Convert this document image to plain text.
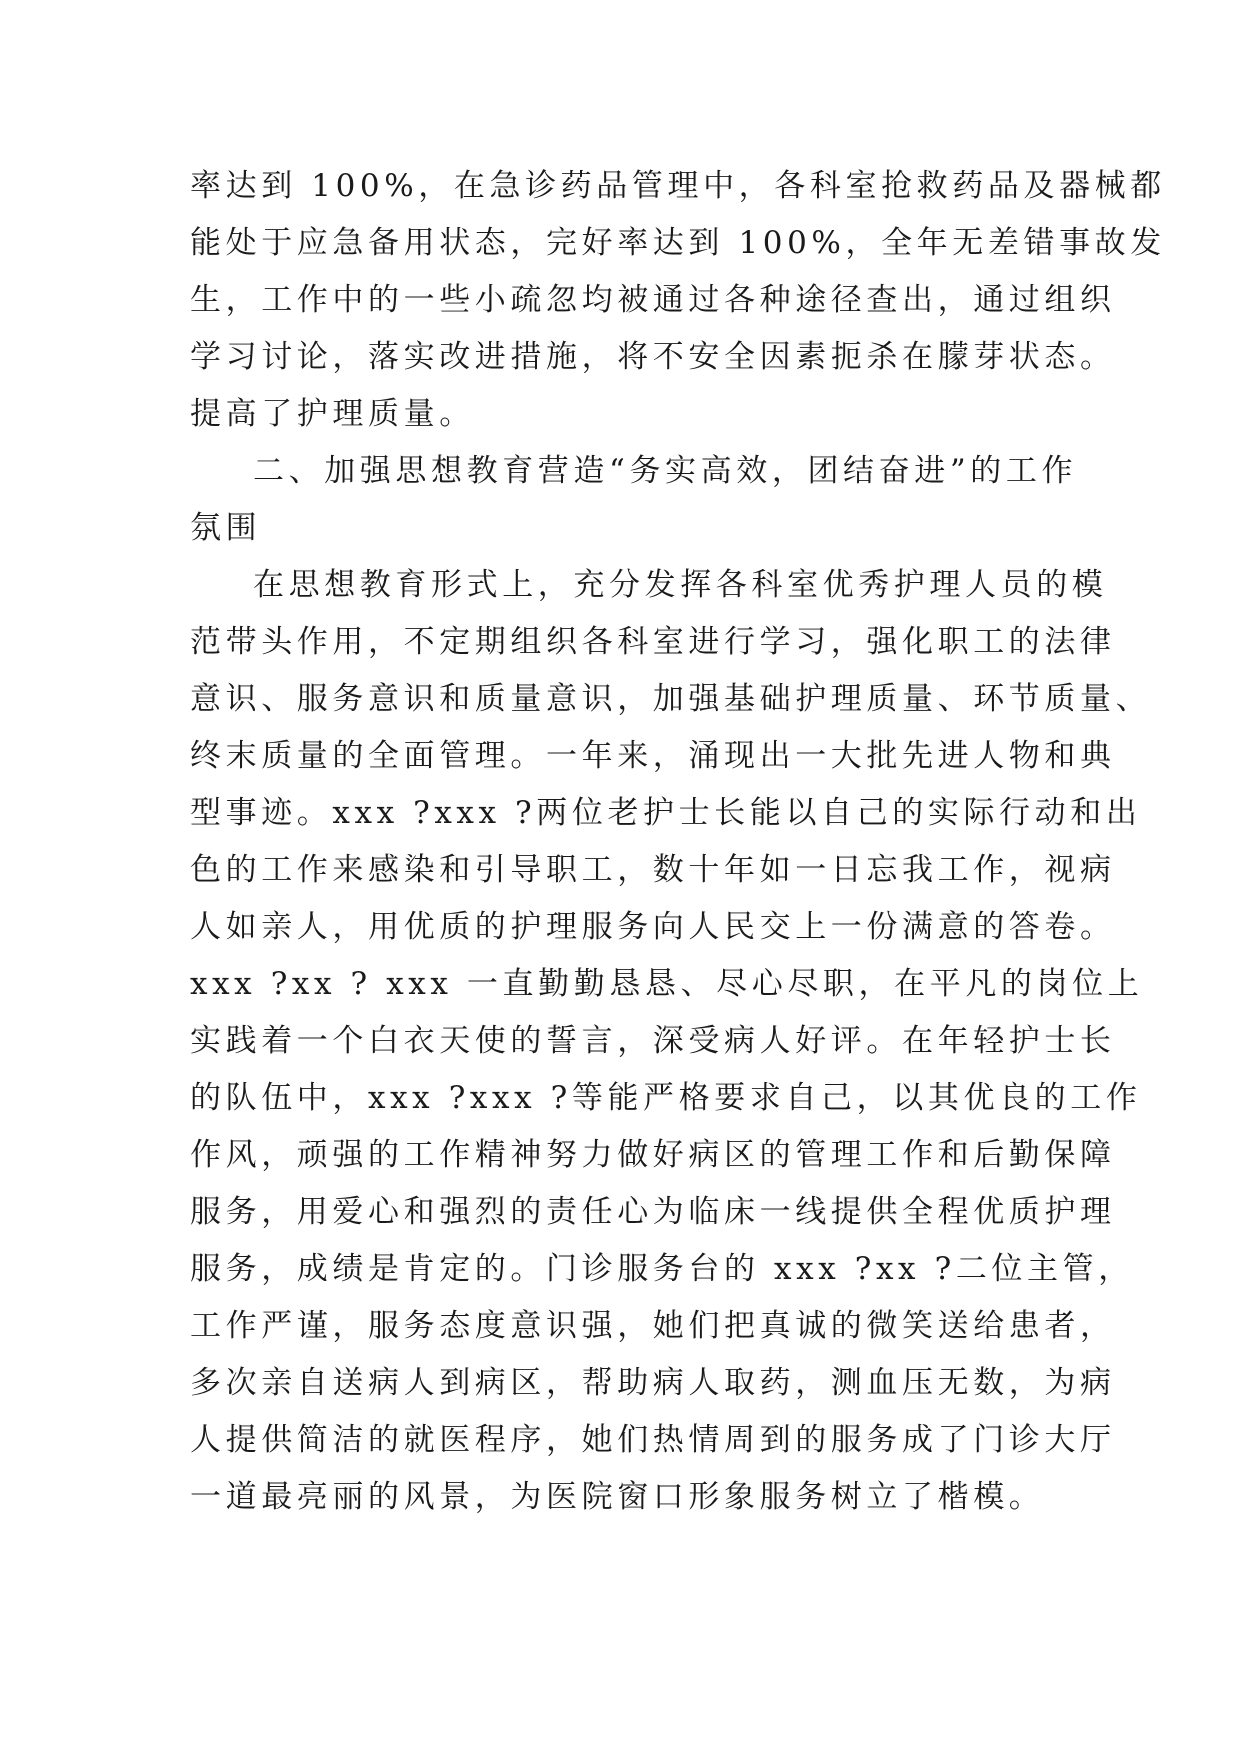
率达到 100%，在急诊药品管理中，各科室抢救药品及器械都
能处于应急备用状态，完好率达到 100%，全年无差错事故发
生，工作中的一些小疏忽均被通过各种途径查出，通过组织
学习讨论，落实改进措施，将不安全因素扼杀在朦芽状态。
提高了护理质量。
二、加强思想教育营造“务实高效，团结奋进”的工作
氛围
在思想教育形式上，充分发挥各科室优秀护理人员的模
范带头作用，不定期组织各科室进行学习，强化职工的法律
意识、服务意识和质量意识，加强基础护理质量、环节质量、
终末质量的全面管理。一年来，涌现出一大批先进人物和典
型事迹。xxx ?xxx ?两位老护士长能以自己的实际行动和出
色的工作来感染和引导职工，数十年如一日忘我工作，视病
人如亲人，用优质的护理服务向人民交上一份满意的答卷。
xxx ?xx ? xxx 一直勤勤恳恳、尽心尽职，在平凡的岗位上
实践着一个白衣天使的誓言，深受病人好评。在年轻护士长
的队伍中，xxx ?xxx ?等能严格要求自己，以其优良的工作
作风，顽强的工作精神努力做好病区的管理工作和后勤保障
服务，用爱心和强烈的责任心为临床一线提供全程优质护理
服务，成绩是肯定的。门诊服务台的 xxx ?xx ?二位主管，
工作严谨，服务态度意识强，她们把真诚的微笑送给患者，
多次亲自送病人到病区，帮助病人取药，测血压无数，为病
人提供简洁的就医程序，她们热情周到的服务成了门诊大厅
一道最亮丽的风景，为医院窗口形象服务树立了楷模。
